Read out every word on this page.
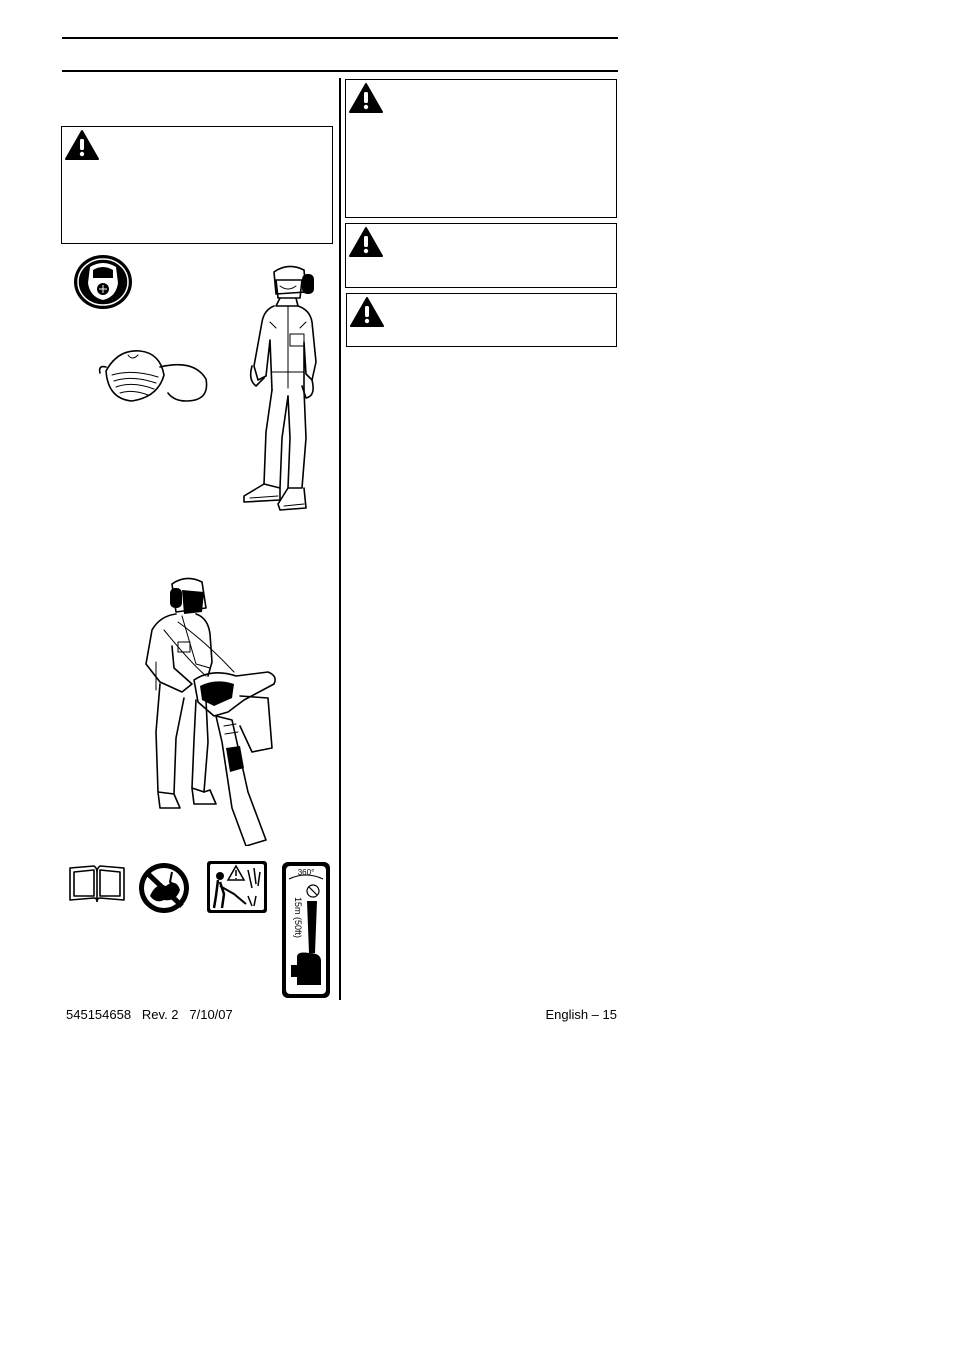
360°
15m (50ft)
545154658 Rev. 2 7/10/07	English – 15
